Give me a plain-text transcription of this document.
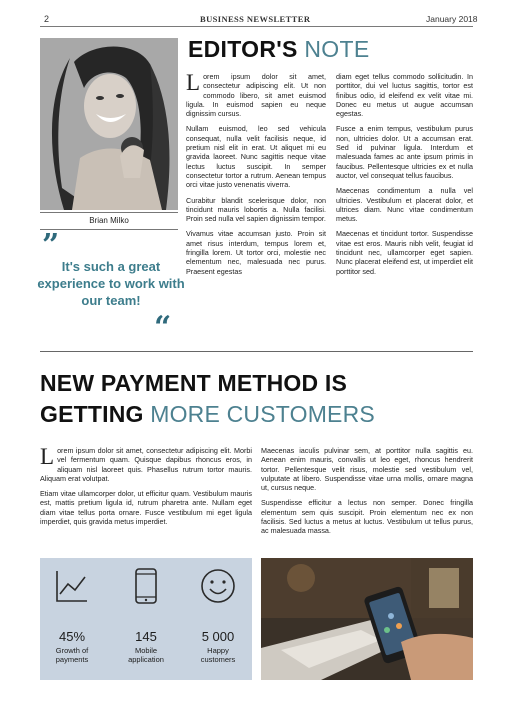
2	BUSINESS NEWSLETTER	January 2018
Brian Milko
”
It's such a great experience to work with our team!
“
EDITOR'S NOTE

Lorem ipsum dolor sit amet, consectetur adipiscing elit. Ut non commodo libero, sit amet euismod ligula. In euismod sapien eu neque dignissim cursus.

Nullam euismod, leo sed vehicula consequat, nulla velit facilisis neque, id pretium nisl elit in erat. Ut aliquet mi eu gravida laoreet. Nunc sagittis neque vitae lectus luctus suscipit. In semper consectetur tortor a rutrum. Aenean tempus orci vitae justo venenatis viverra.

Curabitur blandit scelerisque dolor, non tincidunt mauris lobortis a. Nulla facilisi. Proin sed nulla vel sapien dignissim tempor.

Vivamus vitae accumsan justo. Proin sit amet risus interdum, tempus lorem et, fringilla lorem. Ut tortor orci, molestie nec elementum nec, malesuada nec purus. Praesent egestas

diam eget tellus commodo sollicitudin. In porttitor, dui vel luctus sagittis, tortor est finibus odio, id eleifend ex velit vitae mi. Donec eu metus ut augue accumsan egestas.

Fusce a enim tempus, vestibulum purus non, ultricies dolor. Ut a accumsan erat. Sed id pulvinar ligula. Interdum et malesuada fames ac ante ipsum primis in faucibus. Pellentesque ultricies ex et nulla auctor, vel consequat tellus faucibus.

Maecenas condimentum a nulla vel ultricies. Vestibulum et placerat dolor, et ultrices diam. Nunc vitae condimentum metus.

Maecenas et tincidunt tortor. Suspendisse vitae est eros. Mauris nibh velit, feugiat id tincidunt nec, ullamcorper eget sapien. Nunc placerat eleifend est, ut imperdiet elit porttitor sed.

NEW PAYMENT METHOD IS
GETTING MORE CUSTOMERS

Lorem ipsum dolor sit amet, consectetur adipiscing elit. Morbi vel fermentum quam. Quisque dapibus rhoncus eros, in aliquam nisl laoreet quis. Phasellus rutrum tortor mauris. Aliquam erat volutpat.

Etiam vitae ullamcorper dolor, ut efficitur quam. Vestibulum mauris est, mattis pretium ligula id, rutrum pharetra ante. Nullam eget diam vitae tellus porta ornare. Fusce vestibulum mi eget ligula imperdiet, quis gravida metus imperdiet.

Maecenas iaculis pulvinar sem, at porttitor nulla sagittis eu. Aenean enim mauris, convallis ut leo eget, rhoncus hendrerit tortor. Pellentesque velit risus, molestie sed vestibulum vel, vulputate at libero. Suspendisse vitae urna mollis, ornare magna ut, cursus neque.

Suspendisse efficitur a lectus non semper. Donec fringilla elementum sem quis suscipit. Proin elementum nec ex non facilisis. Sed luctus a metus at luctus. Vestibulum ut tellus purus, ac malesuada massa.

45%
Growth of
payments
145
Mobile
application
5 000
Happy
customers
